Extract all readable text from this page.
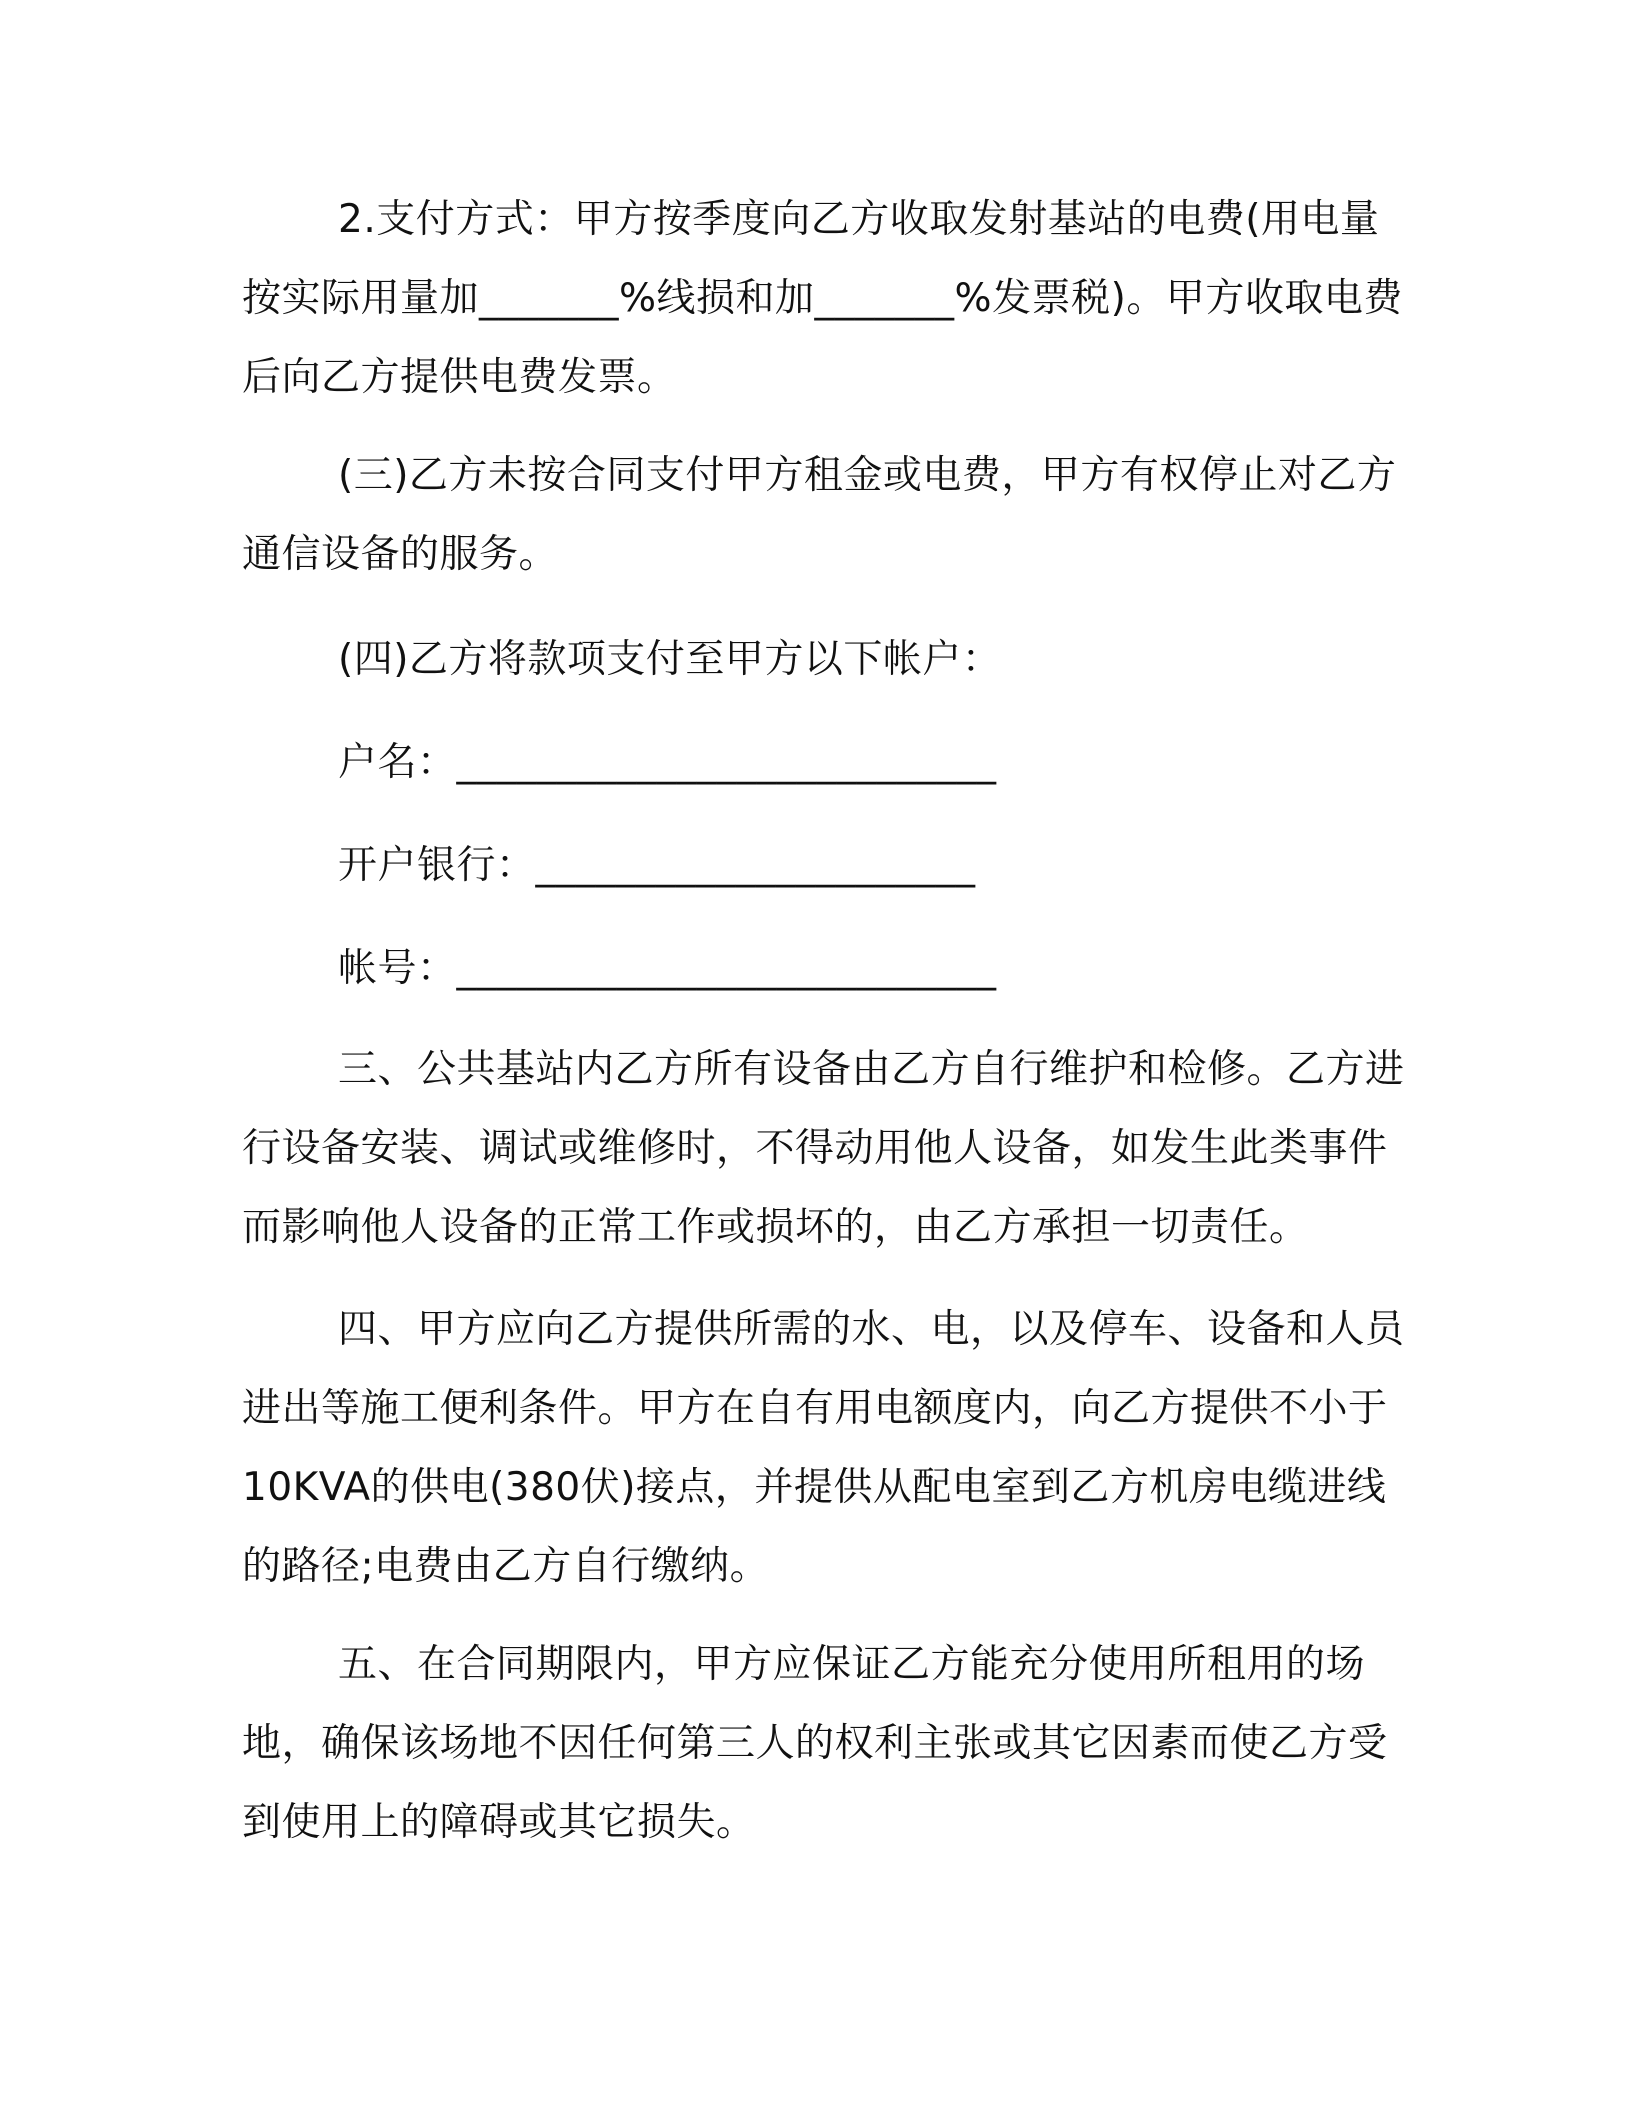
2.支付方式：甲方按季度向乙方收取发射基站的电费(用电量按实际用量加_______%线损和加_______%发票税)。甲方收取电费后向乙方提供电费发票。

(三)乙方未按合同支付甲方租金或电费，甲方有权停止对乙方通信设备的服务。

(四)乙方将款项支付至甲方以下帐户：

户名：___________________________

开户银行：______________________

帐号：___________________________

三、公共基站内乙方所有设备由乙方自行维护和检修。乙方进行设备安装、调试或维修时，不得动用他人设备，如发生此类事件而影响他人设备的正常工作或损坏的，由乙方承担一切责任。

四、甲方应向乙方提供所需的水、电，以及停车、设备和人员进出等施工便利条件。甲方在自有用电额度内，向乙方提供不小于10KVA的供电(380伏)接点，并提供从配电室到乙方机房电缆进线的路径;电费由乙方自行缴纳。

五、在合同期限内，甲方应保证乙方能充分使用所租用的场地，确保该场地不因任何第三人的权利主张或其它因素而使乙方受到使用上的障碍或其它损失。
